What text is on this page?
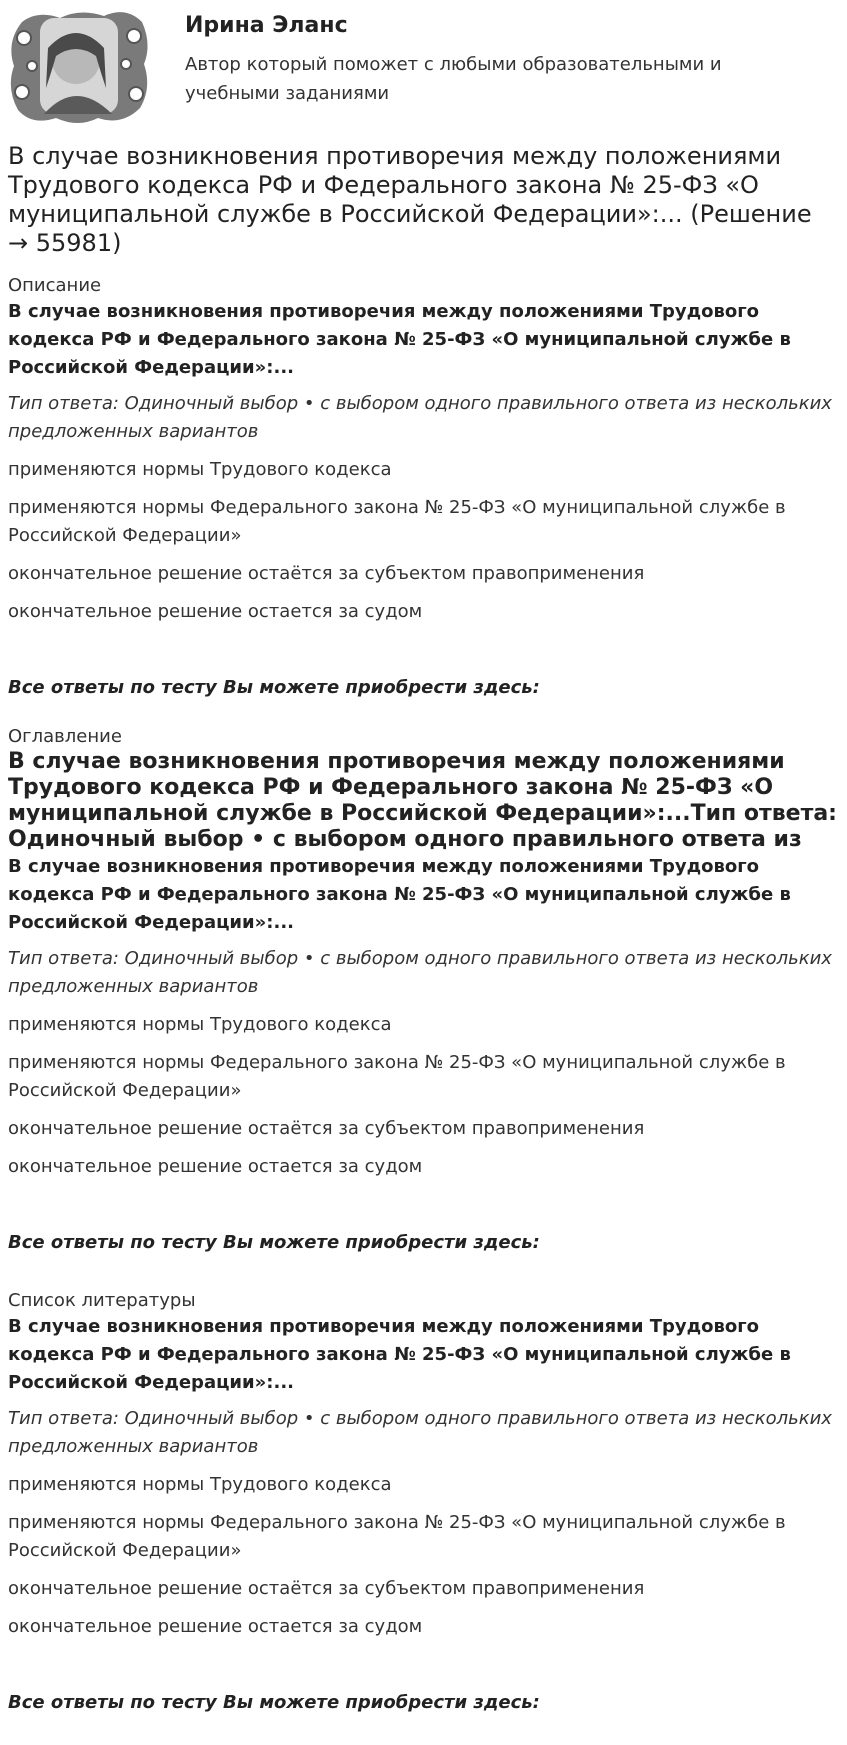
Ирина Эланс
Автор который поможет с любыми образовательными и учебными заданиями
В случае возникновения противоречия между положениями Трудового кодекса РФ и Федерального закона № 25-ФЗ «О муниципальной службе в Российской Федерации»:... (Решение → 55981)

Описание

В случае возникновения противоречия между положениями Трудового кодекса РФ и Федерального закона № 25-ФЗ «О муниципальной службе в Российской Федерации»:...

Тип ответа: Одиночный выбор • с выбором одного правильного ответа из нескольких предложенных вариантов

применяются нормы Трудового кодекса

применяются нормы Федерального закона № 25-ФЗ «О муниципальной службе в Российской Федерации»

окончательное решение остаётся за субъектом правоприменения

окончательное решение остается за судом

Все ответы по тесту Вы можете приобрести здесь:

Оглавление

В случае возникновения противоречия между положениями Трудового кодекса РФ и Федерального закона № 25-ФЗ «О муниципальной службе в Российской Федерации»:...Тип ответа: Одиночный выбор • с выбором одного правильного ответа из

В случае возникновения противоречия между положениями Трудового кодекса РФ и Федерального закона № 25-ФЗ «О муниципальной службе в Российской Федерации»:...

Тип ответа: Одиночный выбор • с выбором одного правильного ответа из нескольких предложенных вариантов

применяются нормы Трудового кодекса

применяются нормы Федерального закона № 25-ФЗ «О муниципальной службе в Российской Федерации»

окончательное решение остаётся за субъектом правоприменения

окончательное решение остается за судом

Все ответы по тесту Вы можете приобрести здесь:

Список литературы

В случае возникновения противоречия между положениями Трудового кодекса РФ и Федерального закона № 25-ФЗ «О муниципальной службе в Российской Федерации»:...

Тип ответа: Одиночный выбор • с выбором одного правильного ответа из нескольких предложенных вариантов

применяются нормы Трудового кодекса

применяются нормы Федерального закона № 25-ФЗ «О муниципальной службе в Российской Федерации»

окончательное решение остаётся за субъектом правоприменения

окончательное решение остается за судом

Все ответы по тесту Вы можете приобрести здесь:
